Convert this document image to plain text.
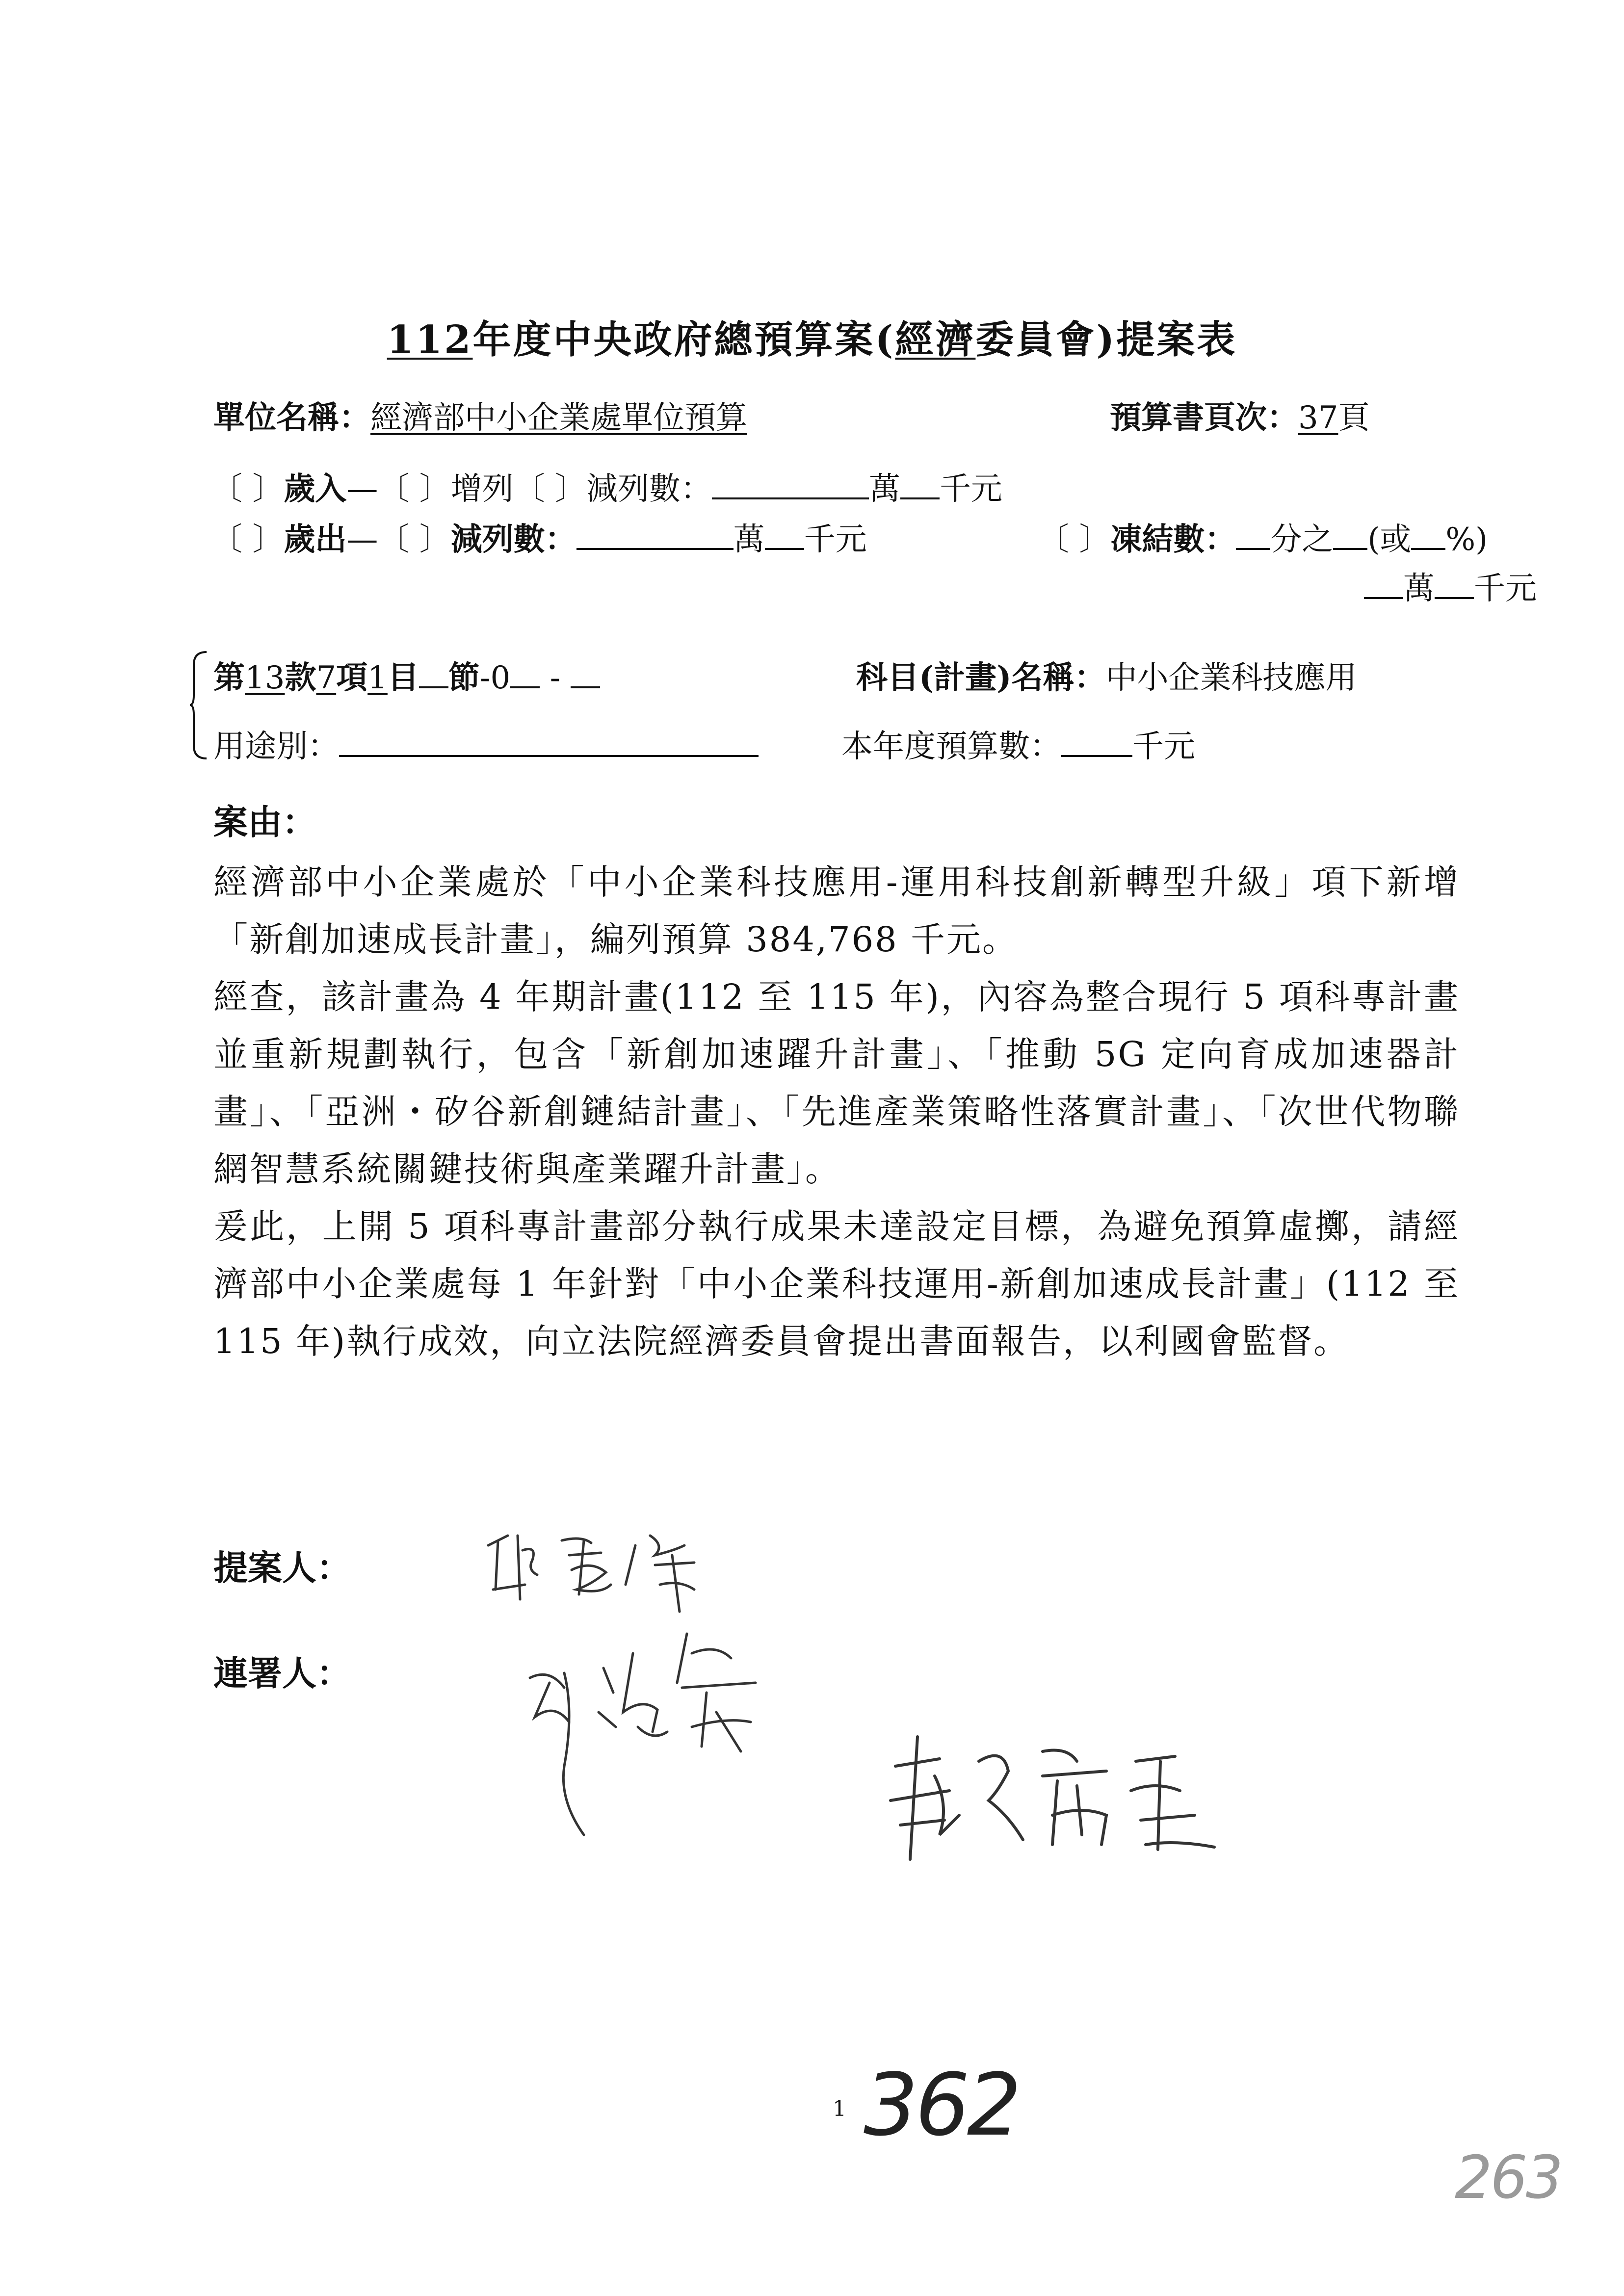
112年度中央政府總預算案(經濟委員會)提案表
單位名稱：經濟部中小企業處單位預算	預算書頁次：37頁
〔 〕歲入—〔 〕增列〔 〕減列數：	萬 千元
〔 〕歲出—〔 〕減列數：	萬 千元	〔 〕凍結數： 分之 (或 %)
萬 千元
第13款7項1目 節-0 -	科目(計畫)名稱：中小企業科技應用
用途別：	本年度預算數： 千元
案由：

經濟部中小企業處於「中小企業科技應用-運用科技創新轉型升級」項下新增「新創加速成長計畫」，編列預算 384,768 千元。

經查，該計畫為 4 年期計畫(112 至 115 年)，內容為整合現行 5 項科專計畫並重新規劃執行，包含「新創加速躍升計畫」、「推動 5G 定向育成加速器計畫」、「亞洲・矽谷新創鏈結計畫」、「先進產業策略性落實計畫」、「次世代物聯網智慧系統關鍵技術與產業躍升計畫」。

爰此，上開 5 項科專計畫部分執行成果未達設定目標，為避免預算虛擲，請經濟部中小企業處每 1 年針對「中小企業科技運用-新創加速成長計畫」(112 至 115 年)執行成效，向立法院經濟委員會提出書面報告，以利國會監督。

提案人：
連署人：
1 362
263
